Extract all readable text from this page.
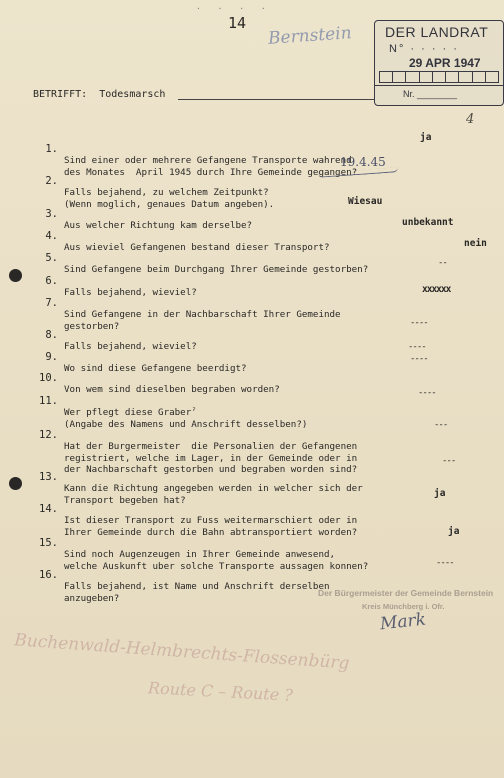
· · · ·
14
Bernstein DER LANDRAT
N° · · · · ·
29 APR 1947
Nr. ________
BETRIFFT: Todesmarsch
4

1.

Sind einer oder mehrere Gefangene Transporte wahrend
des Monates  April 1945 durch Ihre Gemeinde gegangen?

ja

2.

Falls bejahend, zu welchem Zeitpunkt?
(Wenn moglich, genaues Datum angeben).

19.4.45

3.

Aus welcher Richtung kam derselbe?

Wiesau

4.

Aus wieviel Gefangenen bestand dieser Transport?

unbekannt

5.

Sind Gefangene beim Durchgang Ihrer Gemeinde gestorben?

nein

6.

Falls bejahend, wieviel?

--

7.

Sind Gefangene in der Nachbarschaft Ihrer Gemeinde
gestorben?

xxxxxx

8.

Falls bejahend, wieviel?

----

9.

Wo sind diese Gefangene beerdigt?

----

10.

Von wem sind dieselben begraben worden?

----

11.

Wer pflegt diese Graberˀ
(Angabe des Namens und Anschrift desselben?)

----

12.

Hat der Burgermeister  die Personalien der Gefangenen
registriert, welche im Lager, in der Gemeinde oder in
der Nachbarschaft gestorben und begraben worden sind?

---

13.

Kann die Richtung angegeben werden in welcher sich der
Transport begeben hat?

---

14.

Ist dieser Transport zu Fuss weitermarschiert oder in
Ihrer Gemeinde durch die Bahn abtransportiert worden?

ja

15.

Sind noch Augenzeugen in Ihrer Gemeinde anwesend,
welche Auskunft uber solche Transporte aussagen konnen?

ja

16.

Falls bejahend, ist Name und Anschrift derselben
anzugeben?

----
Der Bürgermeister der Gemeinde Bernstein
Kreis Münchberg i. Ofr.
Mark
Buchenwald-Helmbrechts-Flossenbürg
Route C – Route ?
